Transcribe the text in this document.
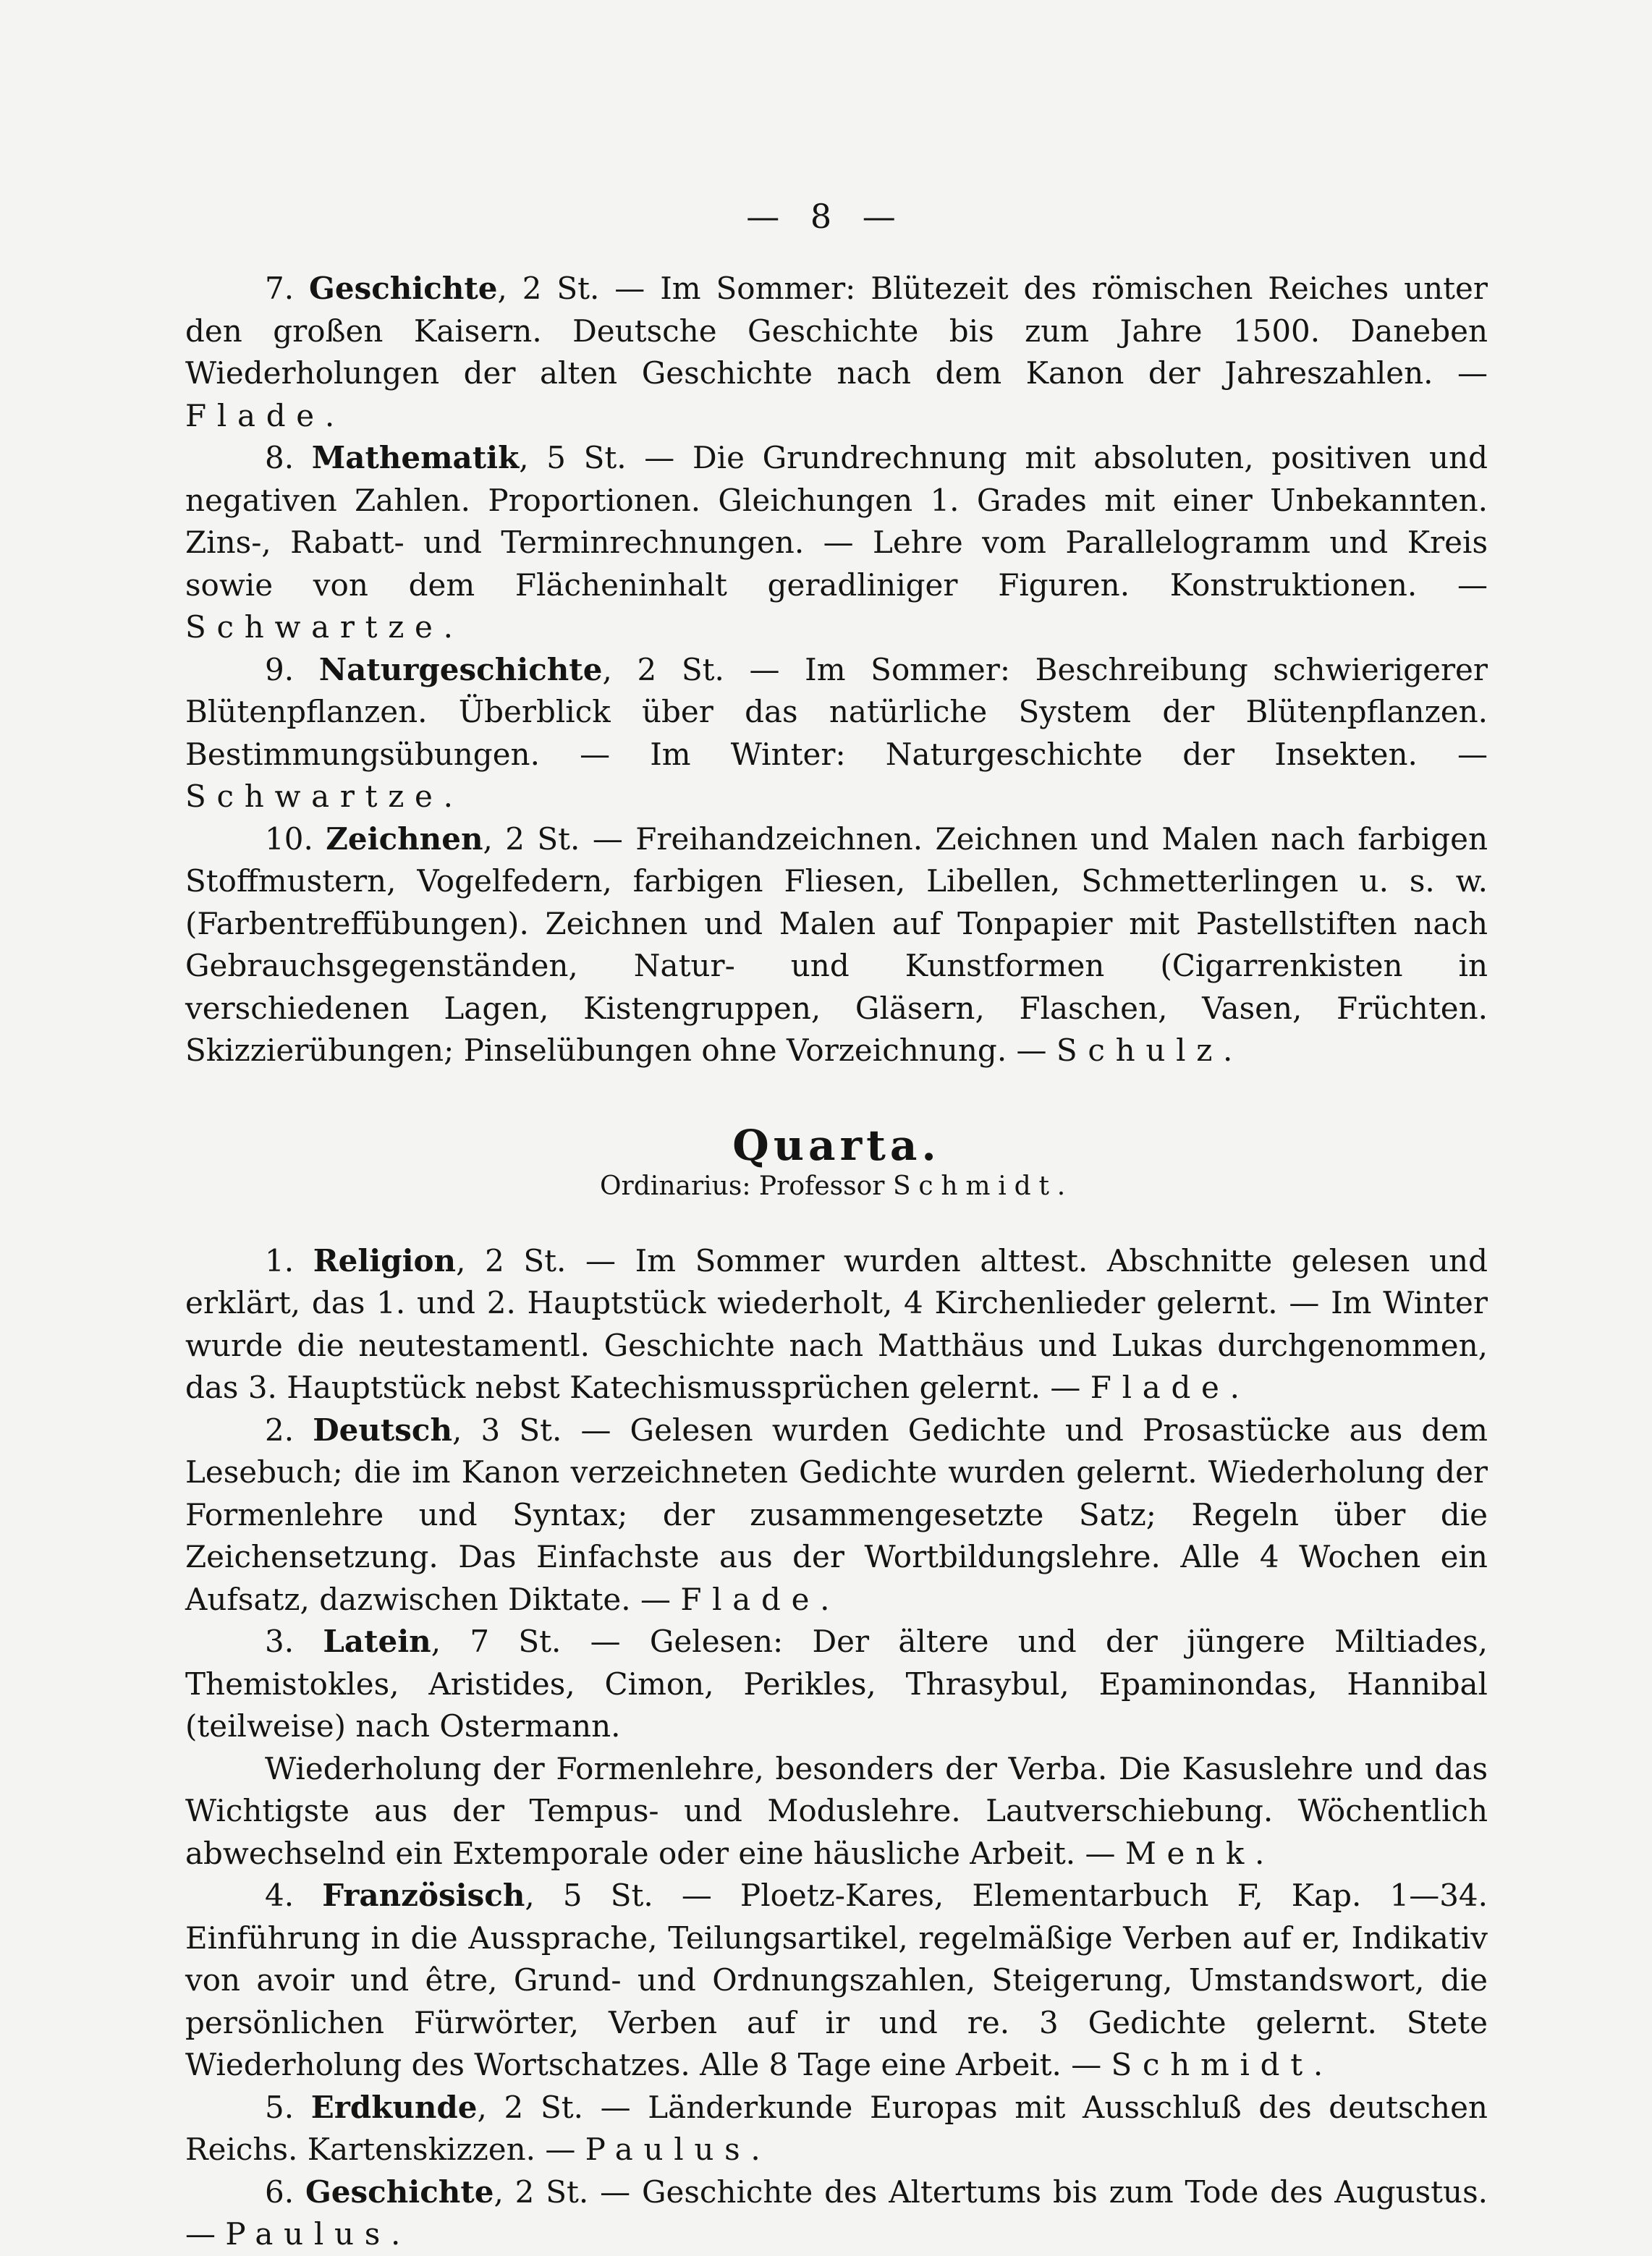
— 8 —

7. Geschichte, 2 St. — Im Sommer: Blütezeit des römischen Reiches unter den großen Kaisern. Deutsche Geschichte bis zum Jahre 1500. Daneben Wiederholungen der alten Geschichte nach dem Kanon der Jahreszahlen. — Flade.

8. Mathematik, 5 St. — Die Grundrechnung mit absoluten, positiven und negativen Zahlen. Proportionen. Gleichungen 1. Grades mit einer Unbekannten. Zins-, Rabatt- und Terminrechnungen. — Lehre vom Parallelogramm und Kreis sowie von dem Flächeninhalt geradliniger Figuren. Konstruktionen. — Schwartze.

9. Naturgeschichte, 2 St. — Im Sommer: Beschreibung schwierigerer Blütenpflanzen. Überblick über das natürliche System der Blütenpflanzen. Bestimmungsübungen. — Im Winter: Naturgeschichte der Insekten. — Schwartze.

10. Zeichnen, 2 St. — Freihandzeichnen. Zeichnen und Malen nach farbigen Stoffmustern, Vogelfedern, farbigen Fliesen, Libellen, Schmetterlingen u. s. w. (Farbentreffübungen). Zeichnen und Malen auf Tonpapier mit Pastellstiften nach Gebrauchsgegenständen, Natur- und Kunstformen (Cigarrenkisten in verschiedenen Lagen, Kistengruppen, Gläsern, Flaschen, Vasen, Früchten. Skizzierübungen; Pinselübungen ohne Vorzeichnung. — Schulz.

Quarta.
Ordinarius: Professor Schmidt.

1. Religion, 2 St. — Im Sommer wurden alttest. Abschnitte gelesen und erklärt, das 1. und 2. Hauptstück wiederholt, 4 Kirchenlieder gelernt. — Im Winter wurde die neutestamentl. Geschichte nach Matthäus und Lukas durchgenommen, das 3. Hauptstück nebst Katechismussprüchen gelernt. — Flade.

2. Deutsch, 3 St. — Gelesen wurden Gedichte und Prosastücke aus dem Lesebuch; die im Kanon verzeichneten Gedichte wurden gelernt. Wiederholung der Formenlehre und Syntax; der zusammengesetzte Satz; Regeln über die Zeichensetzung. Das Einfachste aus der Wortbildungslehre. Alle 4 Wochen ein Aufsatz, dazwischen Diktate. — Flade.

3. Latein, 7 St. — Gelesen: Der ältere und der jüngere Miltiades, Themistokles, Aristides, Cimon, Perikles, Thrasybul, Epaminondas, Hannibal (teilweise) nach Ostermann.

Wiederholung der Formenlehre, besonders der Verba. Die Kasuslehre und das Wichtigste aus der Tempus- und Moduslehre. Lautverschiebung. Wöchentlich abwechselnd ein Extemporale oder eine häusliche Arbeit. — Menk.

4. Französisch, 5 St. — Ploetz-Kares, Elementarbuch F, Kap. 1—34. Einführung in die Aussprache, Teilungsartikel, regelmäßige Verben auf er, Indikativ von avoir und être, Grund- und Ordnungszahlen, Steigerung, Umstandswort, die persönlichen Fürwörter, Verben auf ir und re. 3 Gedichte gelernt. Stete Wiederholung des Wortschatzes. Alle 8 Tage eine Arbeit. — Schmidt.

5. Erdkunde, 2 St. — Länderkunde Europas mit Ausschluß des deutschen Reichs. Kartenskizzen. — Paulus.

6. Geschichte, 2 St. — Geschichte des Altertums bis zum Tode des Augustus. — Paulus.
